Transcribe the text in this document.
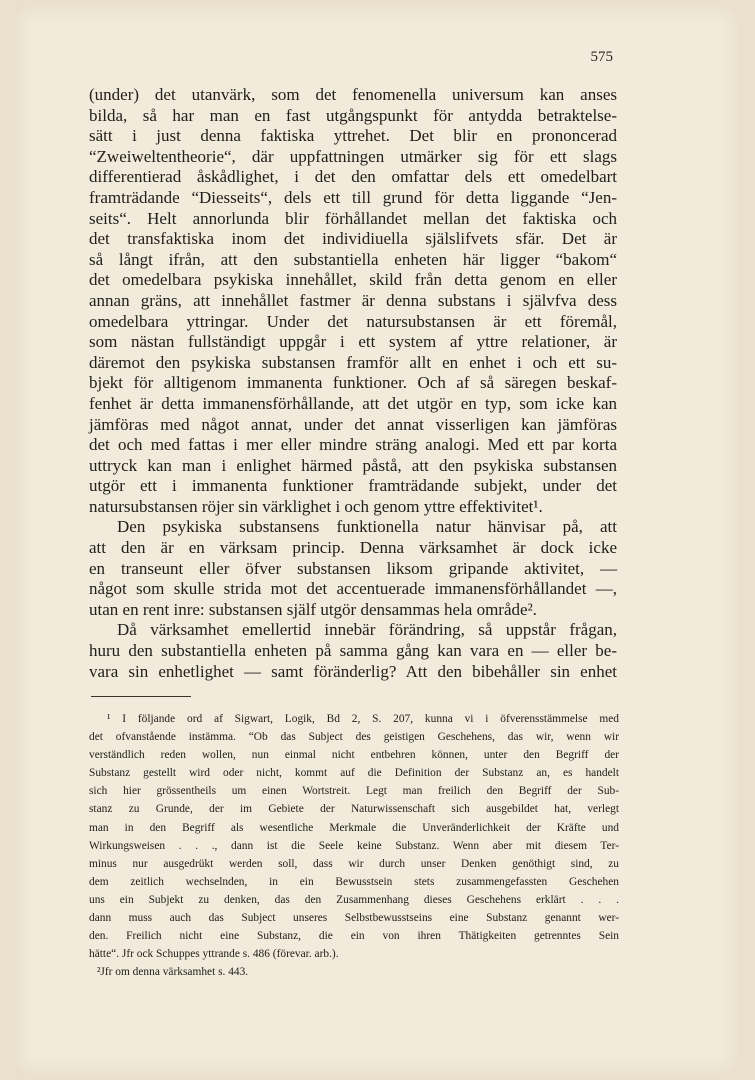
575

(under) det utanvärk, som det fenomenella universum kan anses
bilda, så har man en fast utgångspunkt för antydda betraktelse-
sätt i just denna faktiska yttrehet. Det blir en prononcerad
“Zweiweltentheorie“, där uppfattningen utmärker sig för ett slags
differentierad åskådlighet, i det den omfattar dels ett omedelbart
framträdande “Diesseits“, dels ett till grund för detta liggande “Jen-
seits“. Helt annorlunda blir förhållandet mellan det faktiska och
det transfaktiska inom det individiuella själslifvets sfär. Det är
så långt ifrån, att den substantiella enheten här ligger “bakom“
det omedelbara psykiska innehållet, skild från detta genom en eller
annan gräns, att innehållet fastmer är denna substans i självfva dess
omedelbara yttringar. Under det natursubstansen är ett föremål,
som nästan fullständigt uppgår i ett system af yttre relationer, är
däremot den psykiska substansen framför allt en enhet i och ett su-
bjekt för alltigenom immanenta funktioner. Och af så säregen beskaf-
fenhet är detta immanensförhållande, att det utgör en typ, som icke kan
jämföras med något annat, under det annat visserligen kan jämföras
det och med fattas i mer eller mindre sträng analogi. Med ett par korta
uttryck kan man i enlighet härmed påstå, att den psykiska substansen
utgör ett i immanenta funktioner framträdande subjekt, under det
natursubstansen röjer sin värklighet i och genom yttre effektivitet¹.

Den psykiska substansens funktionella natur hänvisar på, att
att den är en värksam princip. Denna värksamhet är dock icke
en transeunt eller öfver substansen liksom gripande aktivitet, —
något som skulle strida mot det accentuerade immanensförhållandet —,
utan en rent inre: substansen själf utgör densammas hela område².

Då värksamhet emellertid innebär förändring, så uppstår frågan,
huru den substantiella enheten på samma gång kan vara en — eller be-
vara sin enhetlighet — samt föränderlig? Att den bibehåller sin enhet

¹ I följande ord af Sigwart, Logik, Bd 2, S. 207, kunna vi i öfverensstämmelse med
det ofvanstående instämma. “Ob das Subject des geistigen Geschehens, das wir, wenn wir
verständlich reden wollen, nun einmal nicht entbehren können, unter den Begriff der
Substanz gestellt wird oder nicht, kommt auf die Definition der Substanz an, es handelt
sich hier grössentheils um einen Wortstreit. Legt man freilich den Begriff der Sub-
stanz zu Grunde, der im Gebiete der Naturwissenschaft sich ausgebildet hat, verlegt
man in den Begriff als wesentliche Merkmale die Unveränderlichkeit der Kräfte und
Wirkungsweisen . . ., dann ist die Seele keine Substanz. Wenn aber mit diesem Ter-
minus nur ausgedrükt werden soll, dass wir durch unser Denken genöthigt sind, zu
dem zeitlich wechselnden, in ein Bewusstsein stets zusammengefassten Geschehen
uns ein Subjekt zu denken, das den Zusammenhang dieses Geschehens erklärt . . .
dann muss auch das Subject unseres Selbstbewusstseins eine Substanz genannt wer-
den. Freilich nicht eine Substanz, die ein von ihren Thätigkeiten getrenntes Sein
hätte“. Jfr ock Schuppes yttrande s. 486 (förevar. arb.).
²Jfr om denna värksamhet s. 443.
